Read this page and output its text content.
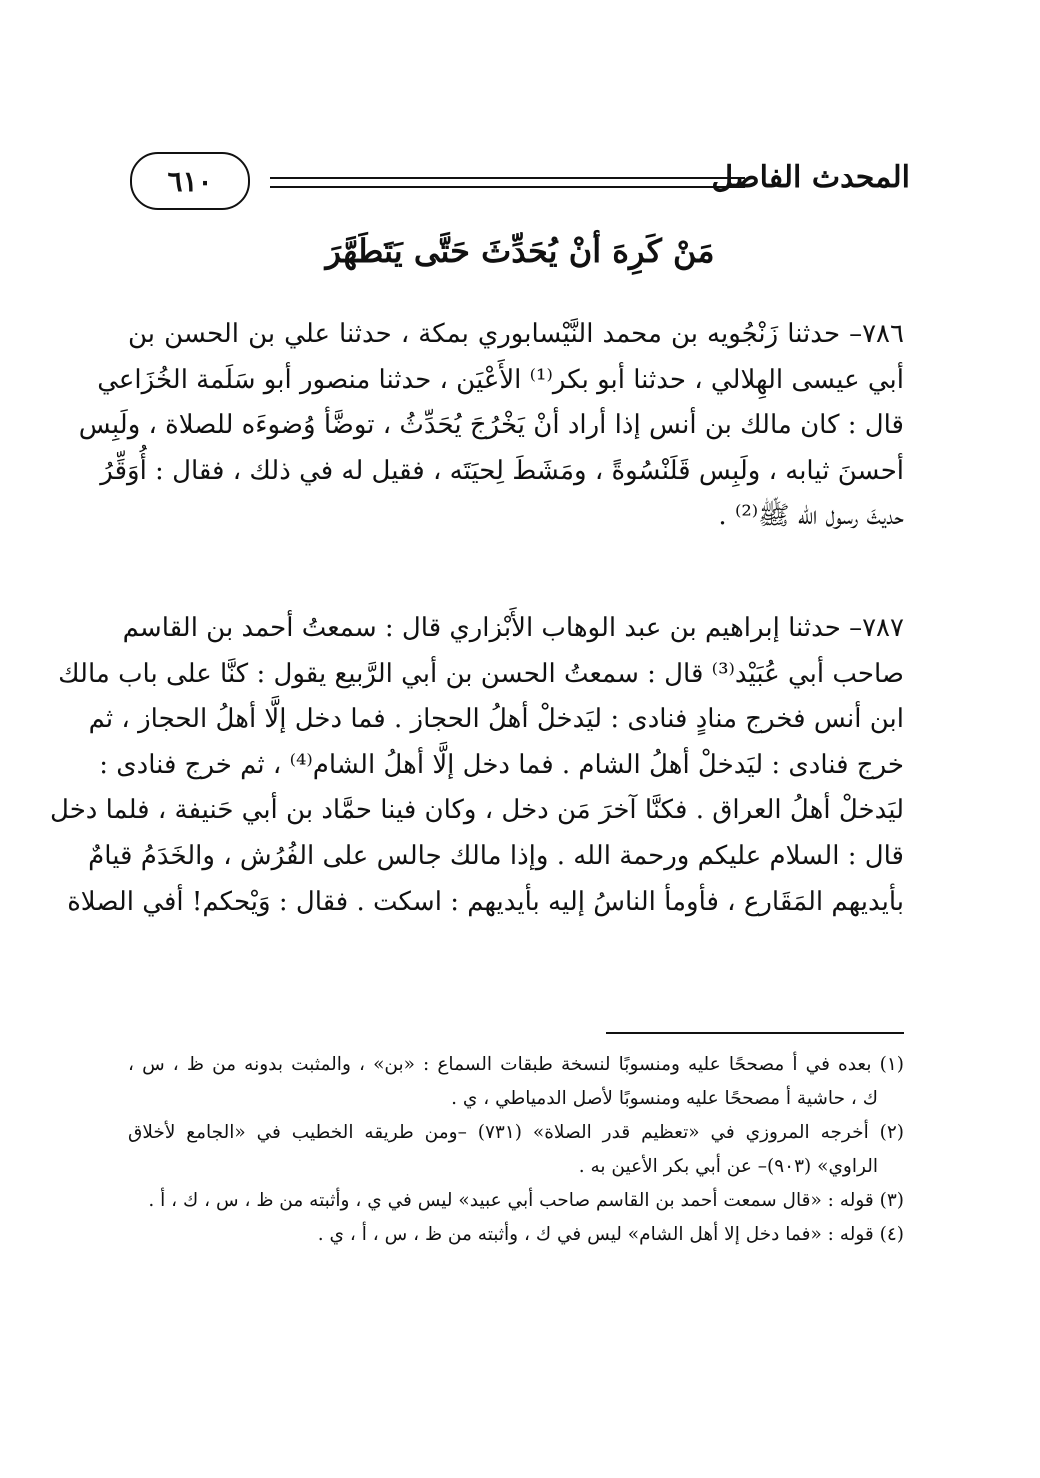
٦١٠	المحدث الفاصل
مَنْ كَرِهَ أنْ يُحَدِّثَ حَتَّى يَتَطَهَّرَ
٧٨٦– حدثنا زَنْجُويه بن محمد النَّيْسابوري بمكة ، حدثنا علي بن الحسن بن
أبي عيسى الهِلالي ، حدثنا أبو بكر⁽¹⁾ الأَعْيَن ، حدثنا منصور أبو سَلَمة الخُزَاعي
قال : كان مالك بن أنس إذا أراد أنْ يَخْرُجَ يُحَدِّثُ ، توضَّأ وُضوءَه للصلاة ، ولَبِس
أحسنَ ثيابه ، ولَبِس قَلَنْسُوةً ، ومَشَطَ لِحيَتَه ، فقيل له في ذلك ، فقال : أُوَقِّرُ
حديثَ رسول الله ﷺ⁽²⁾ .
٧٨٧– حدثنا إبراهيم بن عبد الوهاب الأَبْزاري قال : سمعتُ أحمد بن القاسم
صاحب أبي عُبَيْد⁽³⁾ قال : سمعتُ الحسن بن أبي الرَّبيع يقول : كنَّا على باب مالك
ابن أنس فخرج منادٍ فنادى : ليَدخلْ أهلُ الحجاز . فما دخل إلَّا أهلُ الحجاز ، ثم
خرج فنادى : ليَدخلْ أهلُ الشام . فما دخل إلَّا أهلُ الشام⁽⁴⁾ ، ثم خرج فنادى :
ليَدخلْ أهلُ العراق . فكنَّا آخرَ مَن دخل ، وكان فينا حمَّاد بن أبي حَنيفة ، فلما دخل
قال : السلام عليكم ورحمة الله . وإذا مالك جالس على الفُرُش ، والخَدَمُ قيامٌ
بأيديهم المَقَارع ، فأومأ الناسُ إليه بأيديهم : اسكت . فقال : وَيْحكم! أفي الصلاة
(١) بعده في أ مصححًا عليه ومنسوبًا لنسخة طبقات السماع : «بن» ، والمثبت بدونه من ظ ، س ،
ك ، حاشية أ مصححًا عليه ومنسوبًا لأصل الدمياطي ، ي .
(٢) أخرجه المروزي في «تعظيم قدر الصلاة» (٧٣١) –ومن طريقه الخطيب في «الجامع لأخلاق
الراوي» (٩٠٣)– عن أبي بكر الأعين به .
(٣) قوله : «قال سمعت أحمد بن القاسم صاحب أبي عبيد» ليس في ي ، وأثبته من ظ ، س ، ك ، أ .
(٤) قوله : «فما دخل إلا أهل الشام» ليس في ك ، وأثبته من ظ ، س ، أ ، ي .
